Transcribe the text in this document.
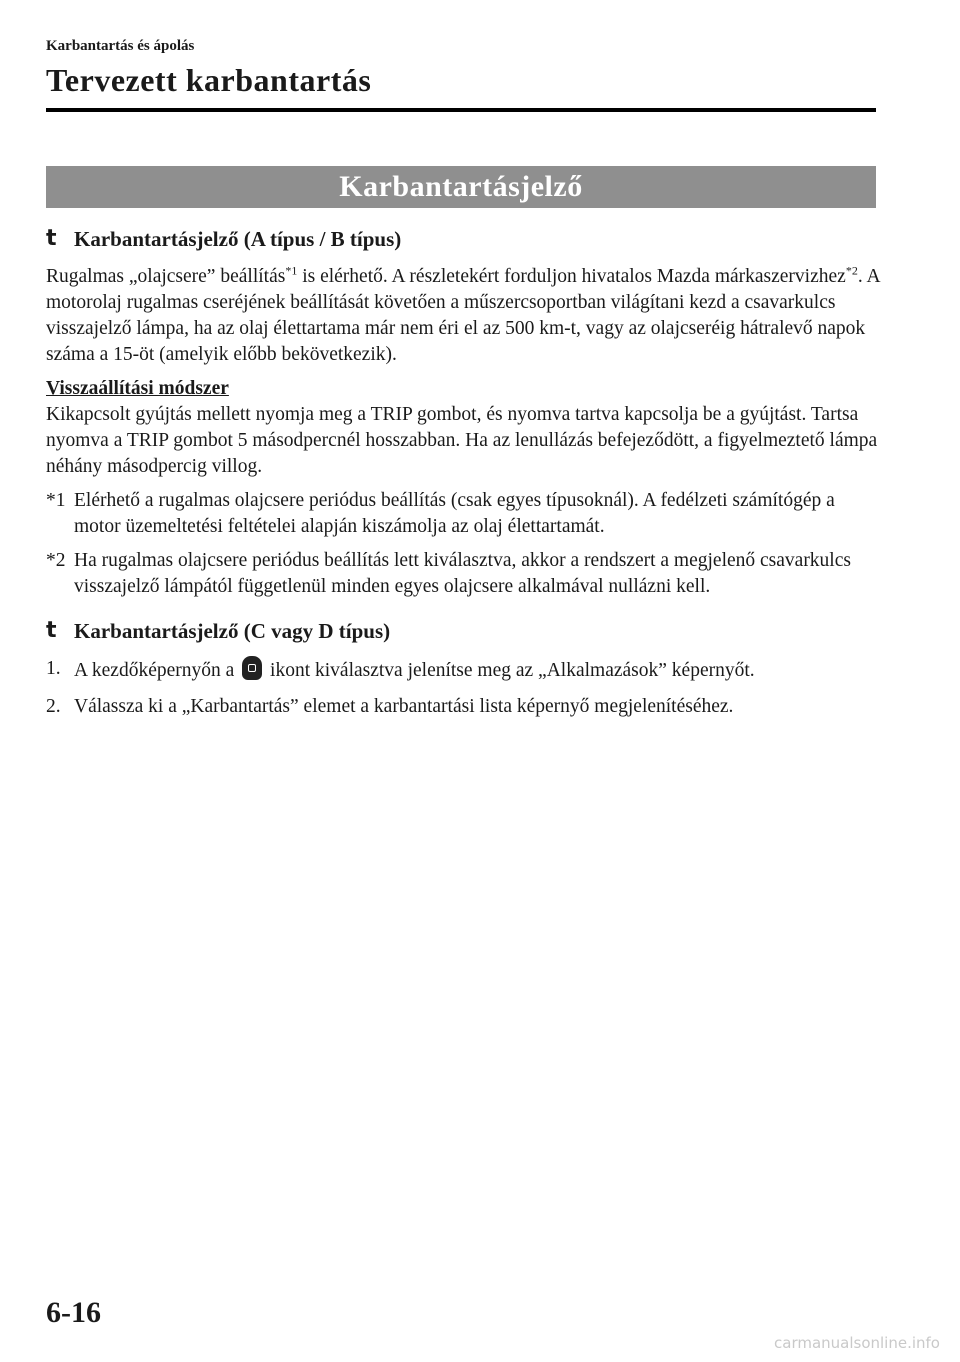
Karbantartás és ápolás
Tervezett karbantartás
Karbantartásjelző
t Karbantartásjelző (A típus / B típus)

Rugalmas „olajcsere” beállítás$^{*1}$ is elérhető. A részletekért forduljon hivatalos Mazda márkaszervizhez$^{*2}$. A motorolaj rugalmas cseréjének beállítását követően a műszercsoportban világítani kezd a csavarkulcs visszajelző lámpa, ha az olaj élettartama már nem éri el az 500 km-t, vagy az olajcseréig hátralevő napok száma a 15-öt (amelyik előbb bekövetkezik).

Visszaállítási módszer

Kikapcsolt gyújtás mellett nyomja meg a TRIP gombot, és nyomva tartva kapcsolja be a gyújtást. Tartsa nyomva a TRIP gombot 5 másodpercnél hosszabban. Ha az lenullázás befejeződött, a figyelmeztető lámpa néhány másodpercig villog.

*1 Elérhető a rugalmas olajcsere periódus beállítás (csak egyes típusoknál). A fedélzeti számítógép a motor üzemeltetési feltételei alapján kiszámolja az olaj élettartamát.
*2 Ha rugalmas olajcsere periódus beállítás lett kiválasztva, akkor a rendszert a megjelenő csavarkulcs visszajelző lámpától függetlenül minden egyes olajcsere alkalmával nullázni kell.
t Karbantartásjelző (C vagy D típus)
1. A kezdőképernyőn a  ikont kiválasztva jelenítse meg az „Alkalmazások” képernyőt.
2. Válassza ki a „Karbantartás” elemet a karbantartási lista képernyő megjelenítéséhez.
6-16
carmanualsonline.info
